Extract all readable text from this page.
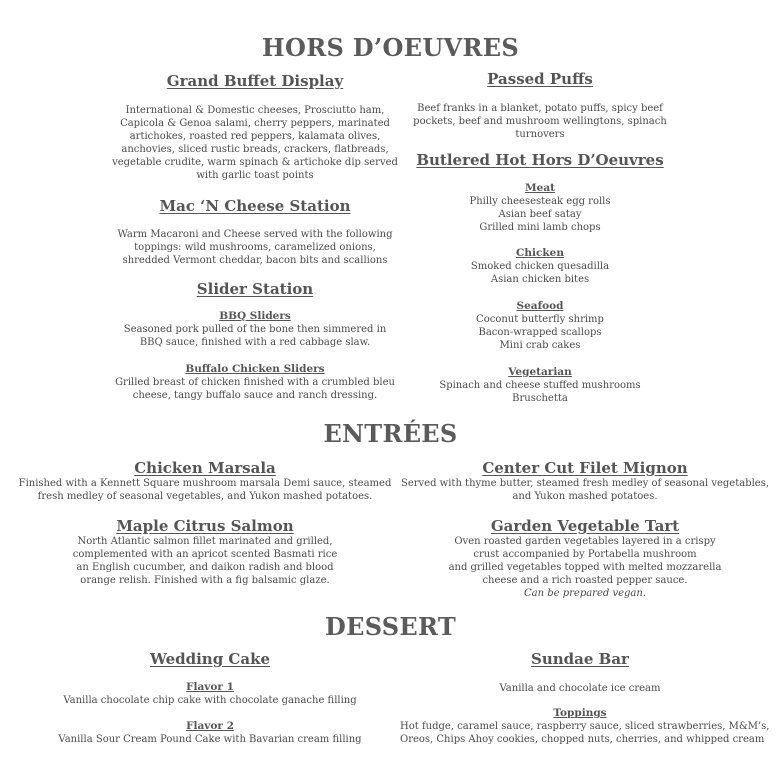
HORS D’OEUVRES
Grand Buffet Display
International & Domestic cheeses, Prosciutto ham,
Capicola & Genoa salami, cherry peppers, marinated
artichokes, roasted red peppers, kalamata olives,
anchovies, sliced rustic breads, crackers, flatbreads,
vegetable crudite, warm spinach & artichoke dip served
with garlic toast points
Mac ‘N Cheese Station
Warm Macaroni and Cheese served with the following
toppings: wild mushrooms, caramelized onions,
shredded Vermont cheddar, bacon bits and scallions
Slider Station
BBQ Sliders
Seasoned pork pulled of the bone then simmered in
BBQ sauce, finished with a red cabbage slaw.
Buffalo Chicken Sliders
Grilled breast of chicken finished with a crumbled bleu
cheese, tangy buffalo sauce and ranch dressing.
Passed Puffs
Beef franks in a blanket, potato puffs, spicy beef
pockets, beef and mushroom wellingtons, spinach
turnovers
Butlered Hot Hors D’Oeuvres
Meat
Philly cheesesteak egg rolls
Asian beef satay
Grilled mini lamb chops
Chicken
Smoked chicken quesadilla
Asian chicken bites
Seafood
Coconut butterfly shrimp
Bacon-wrapped scallops
Mini crab cakes
Vegetarian
Spinach and cheese stuffed mushrooms
Bruschetta
ENTRÉES
Chicken Marsala
Finished with a Kennett Square mushroom marsala Demi sauce, steamed
fresh medley of seasonal vegetables, and Yukon mashed potatoes.
Center Cut Filet Mignon
Served with thyme butter, steamed fresh medley of seasonal vegetables,
and Yukon mashed potatoes.
Maple Citrus Salmon
North Atlantic salmon fillet marinated and grilled,
complemented with an apricot scented Basmati rice
an English cucumber, and daikon radish and blood
orange relish. Finished with a fig balsamic glaze.
Garden Vegetable Tart
Oven roasted garden vegetables layered in a crispy
crust accompanied by Portabella mushroom
and grilled vegetables topped with melted mozzarella
cheese and a rich roasted pepper sauce.
Can be prepared vegan.
DESSERT
Wedding Cake
Flavor 1
Vanilla chocolate chip cake with chocolate ganache filling
Flavor 2
Vanilla Sour Cream Pound Cake with Bavarian cream filling
Sundae Bar
Vanilla and chocolate ice cream
Toppings
Hot fudge, caramel sauce, raspberry sauce, sliced strawberries, M&M’s,
Oreos, Chips Ahoy cookies, chopped nuts, cherries, and whipped cream
